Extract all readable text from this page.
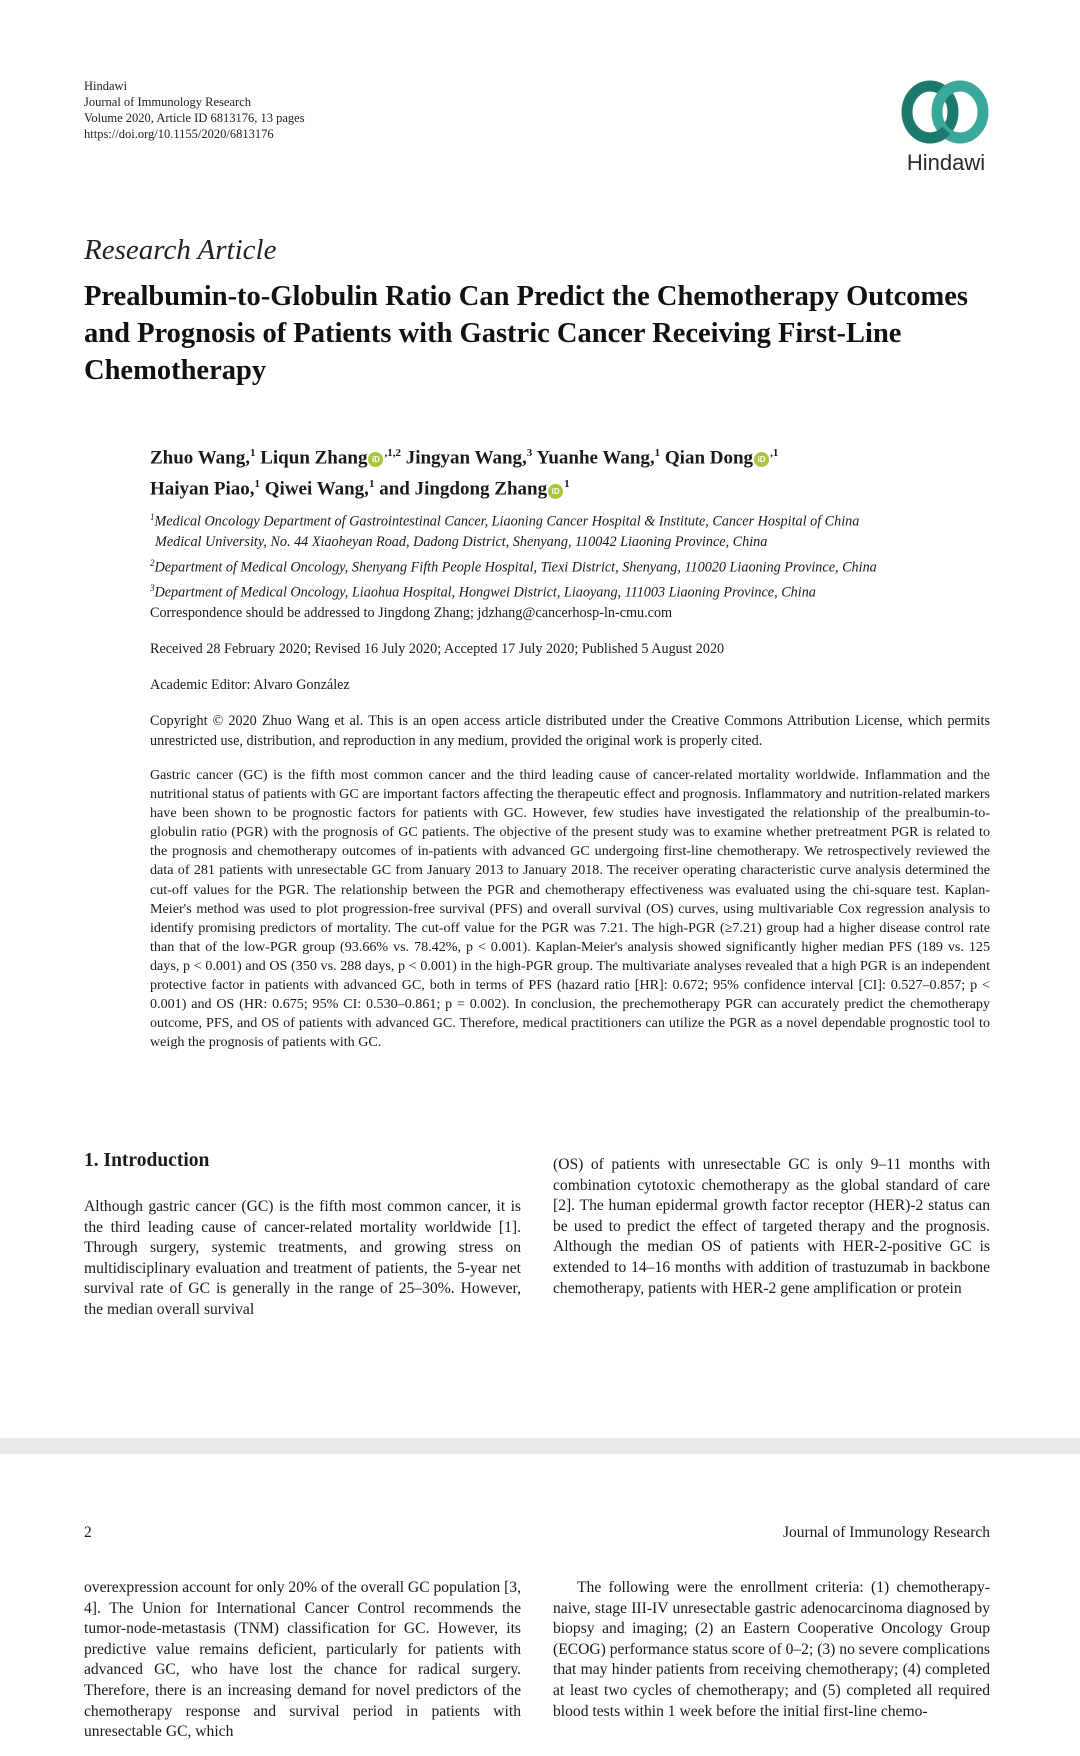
Hindawi
Journal of Immunology Research
Volume 2020, Article ID 6813176, 13 pages
https://doi.org/10.1155/2020/6813176
Hindawi
Research Article
Prealbumin-to-Globulin Ratio Can Predict the Chemotherapy Outcomes and Prognosis of Patients with Gastric Cancer Receiving First-Line Chemotherapy
Zhuo Wang,$^1$ Liqun Zhang $iD^{,1,2}$ Jingyan Wang,$^3$ Yuanhe Wang,$^1$ Qian Dong $iD^{,1}$
Haiyan Piao,$^1$ Qiwei Wang,$^1$ and Jingdong Zhang $iD^1$
$^1$Medical Oncology Department of Gastrointestinal Cancer, Liaoning Cancer Hospital & Institute, Cancer Hospital of China
Medical University, No. 44 Xiaoheyan Road, Dadong District, Shenyang, 110042 Liaoning Province, China
$^2$Department of Medical Oncology, Shenyang Fifth People Hospital, Tiexi District, Shenyang, 110020 Liaoning Province, China
$^3$Department of Medical Oncology, Liaohua Hospital, Hongwei District, Liaoyang, 111003 Liaoning Province, China
Correspondence should be addressed to Jingdong Zhang; jdzhang@cancerhosp-ln-cmu.com
Received 28 February 2020; Revised 16 July 2020; Accepted 17 July 2020; Published 5 August 2020
Academic Editor: Alvaro González
Copyright © 2020 Zhuo Wang et al. This is an open access article distributed under the Creative Commons Attribution License, which permits unrestricted use, distribution, and reproduction in any medium, provided the original work is properly cited.
Gastric cancer (GC) is the fifth most common cancer and the third leading cause of cancer-related mortality worldwide. Inflammation and the nutritional status of patients with GC are important factors affecting the therapeutic effect and prognosis. Inflammatory and nutrition-related markers have been shown to be prognostic factors for patients with GC. However, few studies have investigated the relationship of the prealbumin-to-globulin ratio (PGR) with the prognosis of GC patients. The objective of the present study was to examine whether pretreatment PGR is related to the prognosis and chemotherapy outcomes of in-patients with advanced GC undergoing first-line chemotherapy. We retrospectively reviewed the data of 281 patients with unresectable GC from January 2013 to January 2018. The receiver operating characteristic curve analysis determined the cut-off values for the PGR. The relationship between the PGR and chemotherapy effectiveness was evaluated using the chi-square test. Kaplan-Meier's method was used to plot progression-free survival (PFS) and overall survival (OS) curves, using multivariable Cox regression analysis to identify promising predictors of mortality. The cut-off value for the PGR was 7.21. The high-PGR (≥7.21) group had a higher disease control rate than that of the low-PGR group (93.66% vs. 78.42%, p < 0.001). Kaplan-Meier's analysis showed significantly higher median PFS (189 vs. 125 days, p < 0.001) and OS (350 vs. 288 days, p < 0.001) in the high-PGR group. The multivariate analyses revealed that a high PGR is an independent protective factor in patients with advanced GC, both in terms of PFS (hazard ratio [HR]: 0.672; 95% confidence interval [CI]: 0.527–0.857; p < 0.001) and OS (HR: 0.675; 95% CI: 0.530–0.861; p = 0.002). In conclusion, the prechemotherapy PGR can accurately predict the chemotherapy outcome, PFS, and OS of patients with advanced GC. Therefore, medical practitioners can utilize the PGR as a novel dependable prognostic tool to weigh the prognosis of patients with GC.
1. Introduction
Although gastric cancer (GC) is the fifth most common cancer, it is the third leading cause of cancer-related mortality worldwide [1]. Through surgery, systemic treatments, and growing stress on multidisciplinary evaluation and treatment of patients, the 5-year net survival rate of GC is generally in the range of 25–30%. However, the median overall survival
(OS) of patients with unresectable GC is only 9–11 months with combination cytotoxic chemotherapy as the global standard of care [2]. The human epidermal growth factor receptor (HER)-2 status can be used to predict the effect of targeted therapy and the prognosis. Although the median OS of patients with HER-2-positive GC is extended to 14–16 months with addition of trastuzumab in backbone chemotherapy, patients with HER-2 gene amplification or protein
2	Journal of Immunology Research
overexpression account for only 20% of the overall GC population [3, 4]. The Union for International Cancer Control recommends the tumor-node-metastasis (TNM) classification for GC. However, its predictive value remains deficient, particularly for patients with advanced GC, who have lost the chance for radical surgery. Therefore, there is an increasing demand for novel predictors of the chemotherapy response and survival period in patients with unresectable GC, which
The following were the enrollment criteria: (1) chemotherapy-naive, stage III-IV unresectable gastric adenocarcinoma diagnosed by biopsy and imaging; (2) an Eastern Cooperative Oncology Group (ECOG) performance status score of 0–2; (3) no severe complications that may hinder patients from receiving chemotherapy; (4) completed at least two cycles of chemotherapy; and (5) completed all required blood tests within 1 week before the initial first-line chemo-
